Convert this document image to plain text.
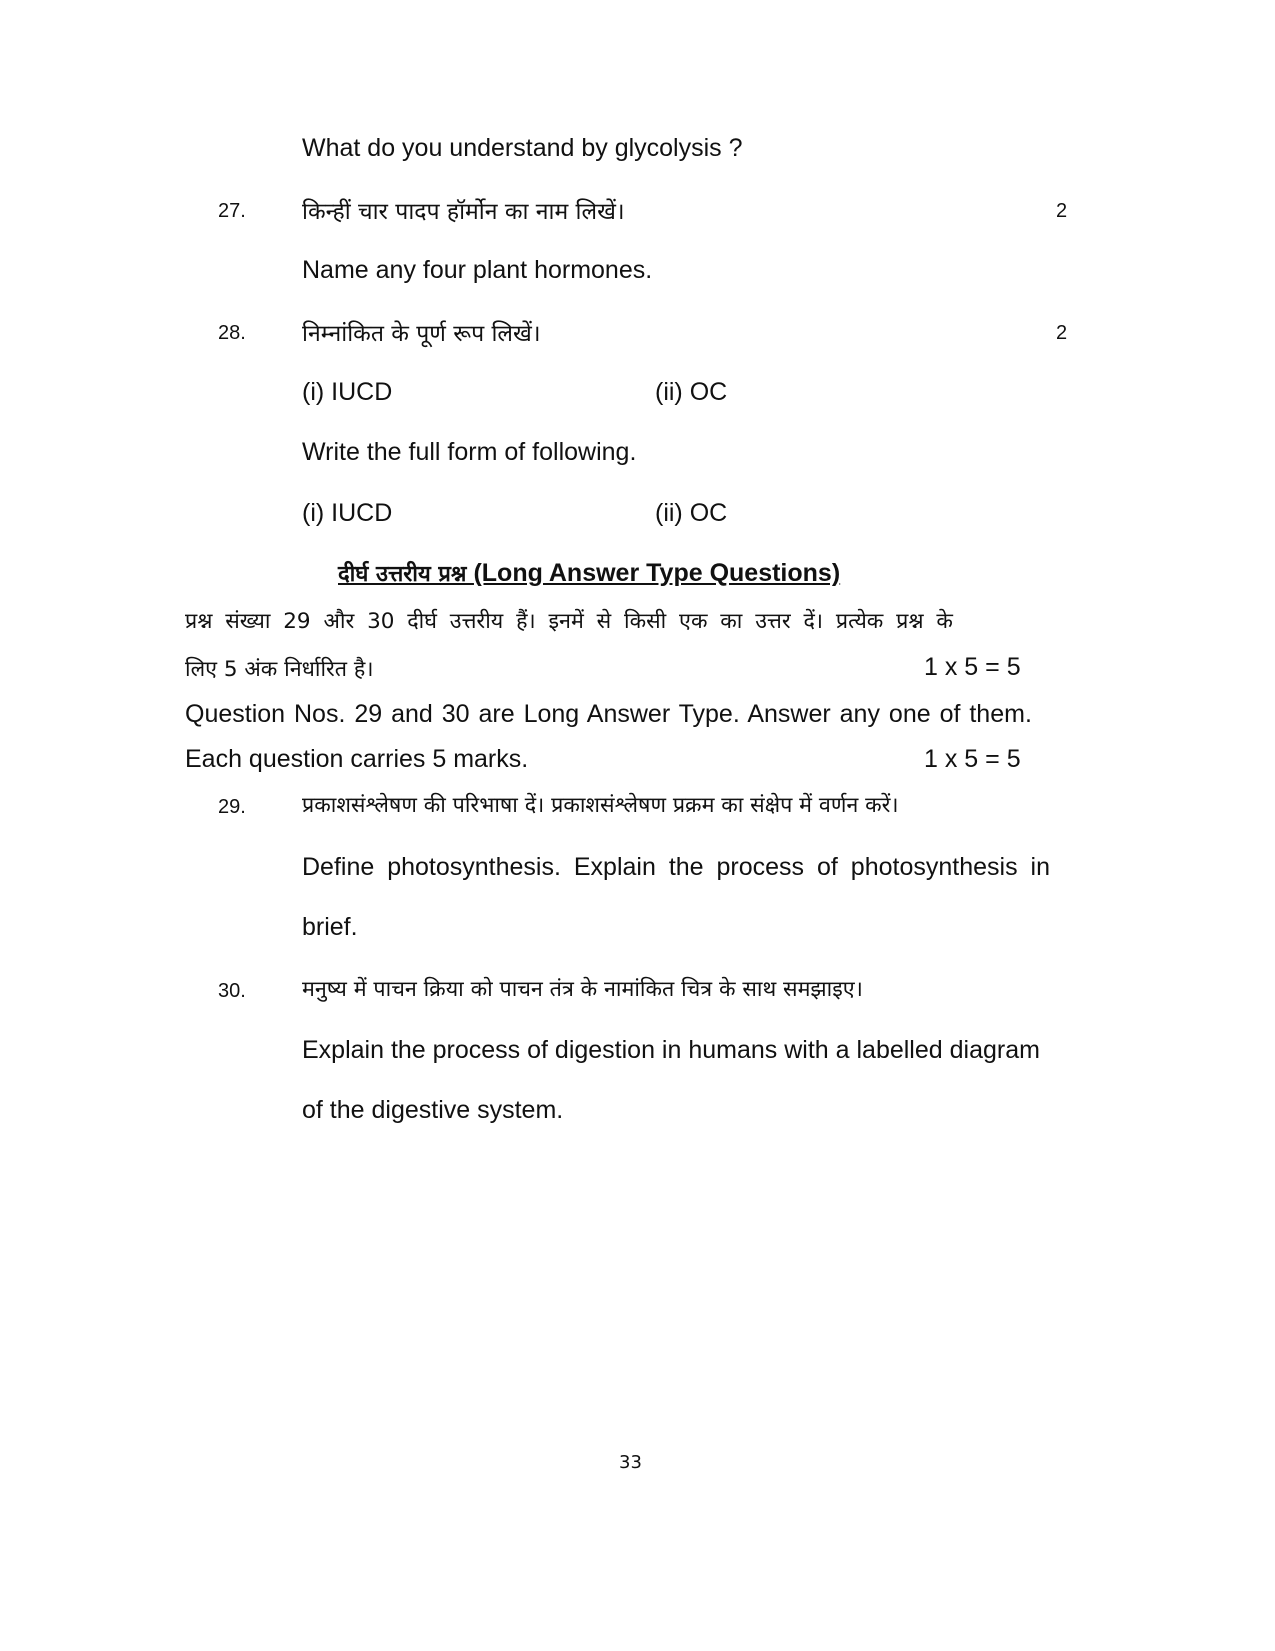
What do you understand by glycolysis ?
27. किन्हीं चार पादप हॉर्मोन का नाम लिखें।	2
Name any four plant hormones.
28. निम्नांकित के पूर्ण रूप लिखें।	2
(i) IUCD	(ii) OC
Write the full form of following.
(i) IUCD	(ii) OC
दीर्घ उत्तरीय प्रश्न (Long Answer Type Questions)
प्रश्न संख्या 29 और 30 दीर्घ उत्तरीय हैं। इनमें से किसी एक का उत्तर दें। प्रत्येक प्रश्न के
लिए 5 अंक निर्धारित है।	1 x 5 = 5
Question Nos. 29 and 30 are Long Answer Type. Answer any one of them.
Each question carries 5 marks.	1 x 5 = 5
29.	प्रकाशसंश्लेषण की परिभाषा दें। प्रकाशसंश्लेषण प्रक्रम का संक्षेप में वर्णन करें।
Define photosynthesis. Explain the process of photosynthesis in
brief.
30.	मनुष्य में पाचन क्रिया को पाचन तंत्र के नामांकित चित्र के साथ समझाइए।
Explain the process of digestion in humans with a labelled diagram
of the digestive system.
33
